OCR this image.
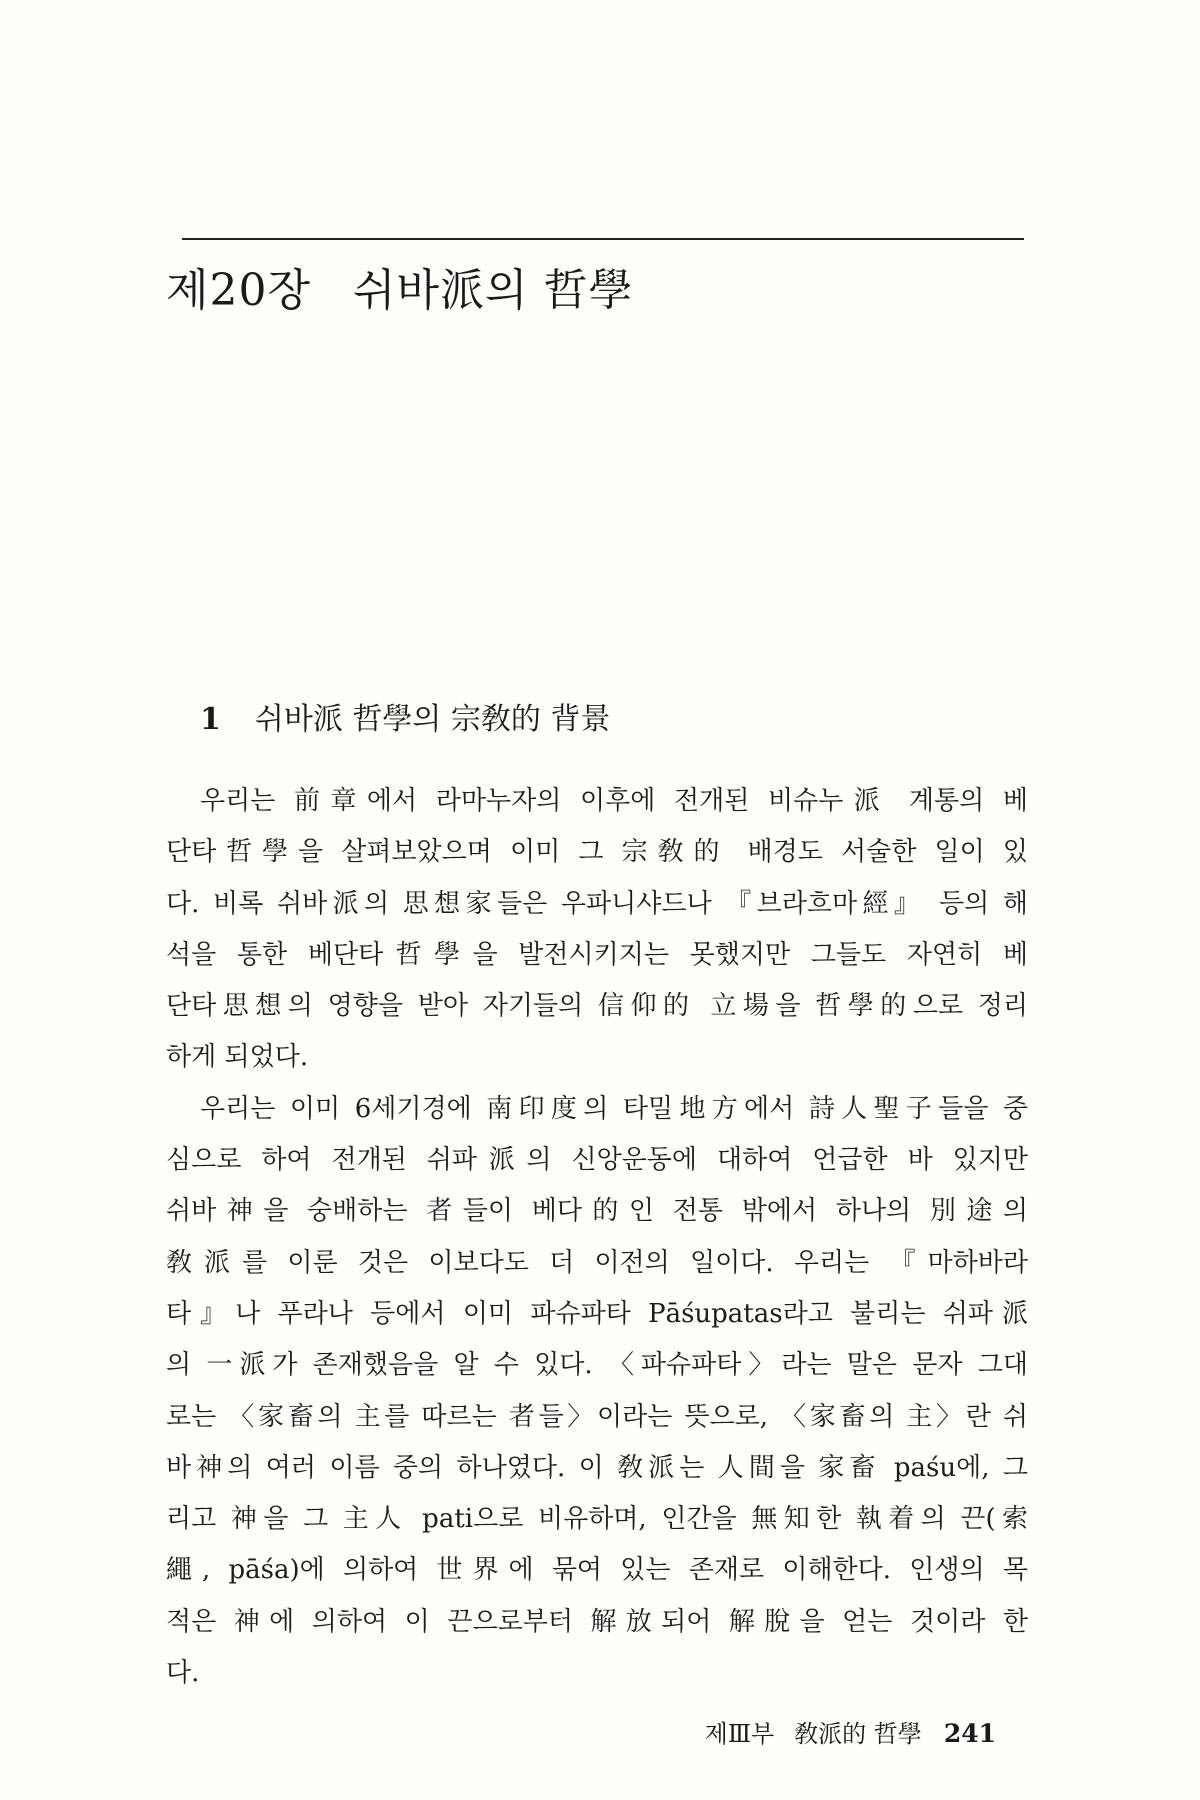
제20장 쉬바派의 哲學
1 쉬바派 哲學의 宗敎的 背景
우리는 前章에서 라마누자의 이후에 전개된 비슈누派 계통의 베
단타哲學을 살펴보았으며 이미 그 宗敎的 배경도 서술한 일이 있
다. 비록 쉬바派의 思想家들은 우파니샤드나 『브라흐마經』 등의 해
석을 통한 베단타哲學을 발전시키지는 못했지만 그들도 자연히 베
단타思想의 영향을 받아 자기들의 信仰的 立場을 哲學的으로 정리
하게 되었다.
우리는 이미 6세기경에 南印度의 타밀地方에서 詩人聖子들을 중
심으로 하여 전개된 쉬파派의 신앙운동에 대하여 언급한 바 있지만
쉬바神을 숭배하는 者들이 베다的인 전통 밖에서 하나의 別途의
敎派를 이룬 것은 이보다도 더 이전의 일이다. 우리는 『마하바라
타』나 푸라나 등에서 이미 파슈파타 Pāśupatas라고 불리는 쉬파派
의 一派가 존재했음을 알 수 있다. 〈파슈파타〉라는 말은 문자 그대
로는 〈家畜의 主를 따르는 者들〉이라는 뜻으로, 〈家畜의 主〉란 쉬
바神의 여러 이름 중의 하나였다. 이 敎派는 人間을 家畜 paśu에, 그
리고 神을 그 主人 pati으로 비유하며, 인간을 無知한 執着의 끈(索
繩, pāśa)에 의하여 世界에 묶여 있는 존재로 이해한다. 인생의 목
적은 神에 의하여 이 끈으로부터 解放되어 解脫을 얻는 것이라 한
다.
제Ⅲ부 敎派的 哲學 241
